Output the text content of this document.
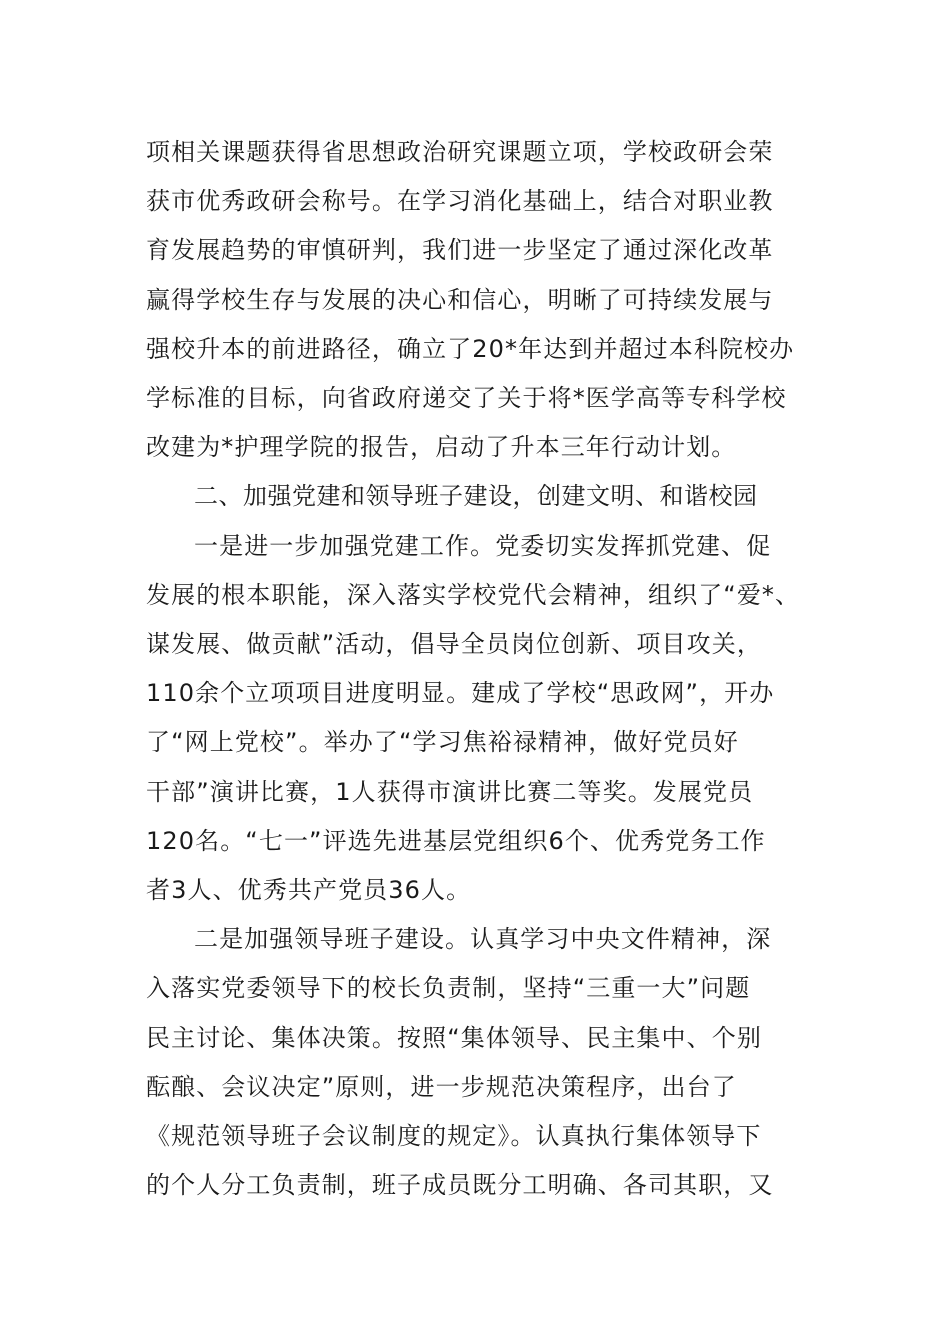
项相关课题获得省思想政治研究课题立项，学校政研会荣
获市优秀政研会称号。在学习消化基础上，结合对职业教
育发展趋势的审慎研判，我们进一步坚定了通过深化改革
赢得学校生存与发展的决心和信心，明晰了可持续发展与
强校升本的前进路径，确立了20*年达到并超过本科院校办
学标准的目标，向省政府递交了关于将*医学高等专科学校
改建为*护理学院的报告，启动了升本三年行动计划。
二、加强党建和领导班子建设，创建文明、和谐校园
一是进一步加强党建工作。党委切实发挥抓党建、促
发展的根本职能，深入落实学校党代会精神，组织了“爱*、
谋发展、做贡献”活动，倡导全员岗位创新、项目攻关，
110余个立项项目进度明显。建成了学校“思政网”，开办
了“网上党校”。举办了“学习焦裕禄精神，做好党员好
干部”演讲比赛，1人获得市演讲比赛二等奖。发展党员
120名。“七一”评选先进基层党组织6个、优秀党务工作
者3人、优秀共产党员36人。
二是加强领导班子建设。认真学习中央文件精神，深
入落实党委领导下的校长负责制，坚持“三重一大”问题
民主讨论、集体决策。按照“集体领导、民主集中、个别
酝酿、会议决定”原则，进一步规范决策程序，出台了
《规范领导班子会议制度的规定》。认真执行集体领导下
的个人分工负责制，班子成员既分工明确、各司其职，又
